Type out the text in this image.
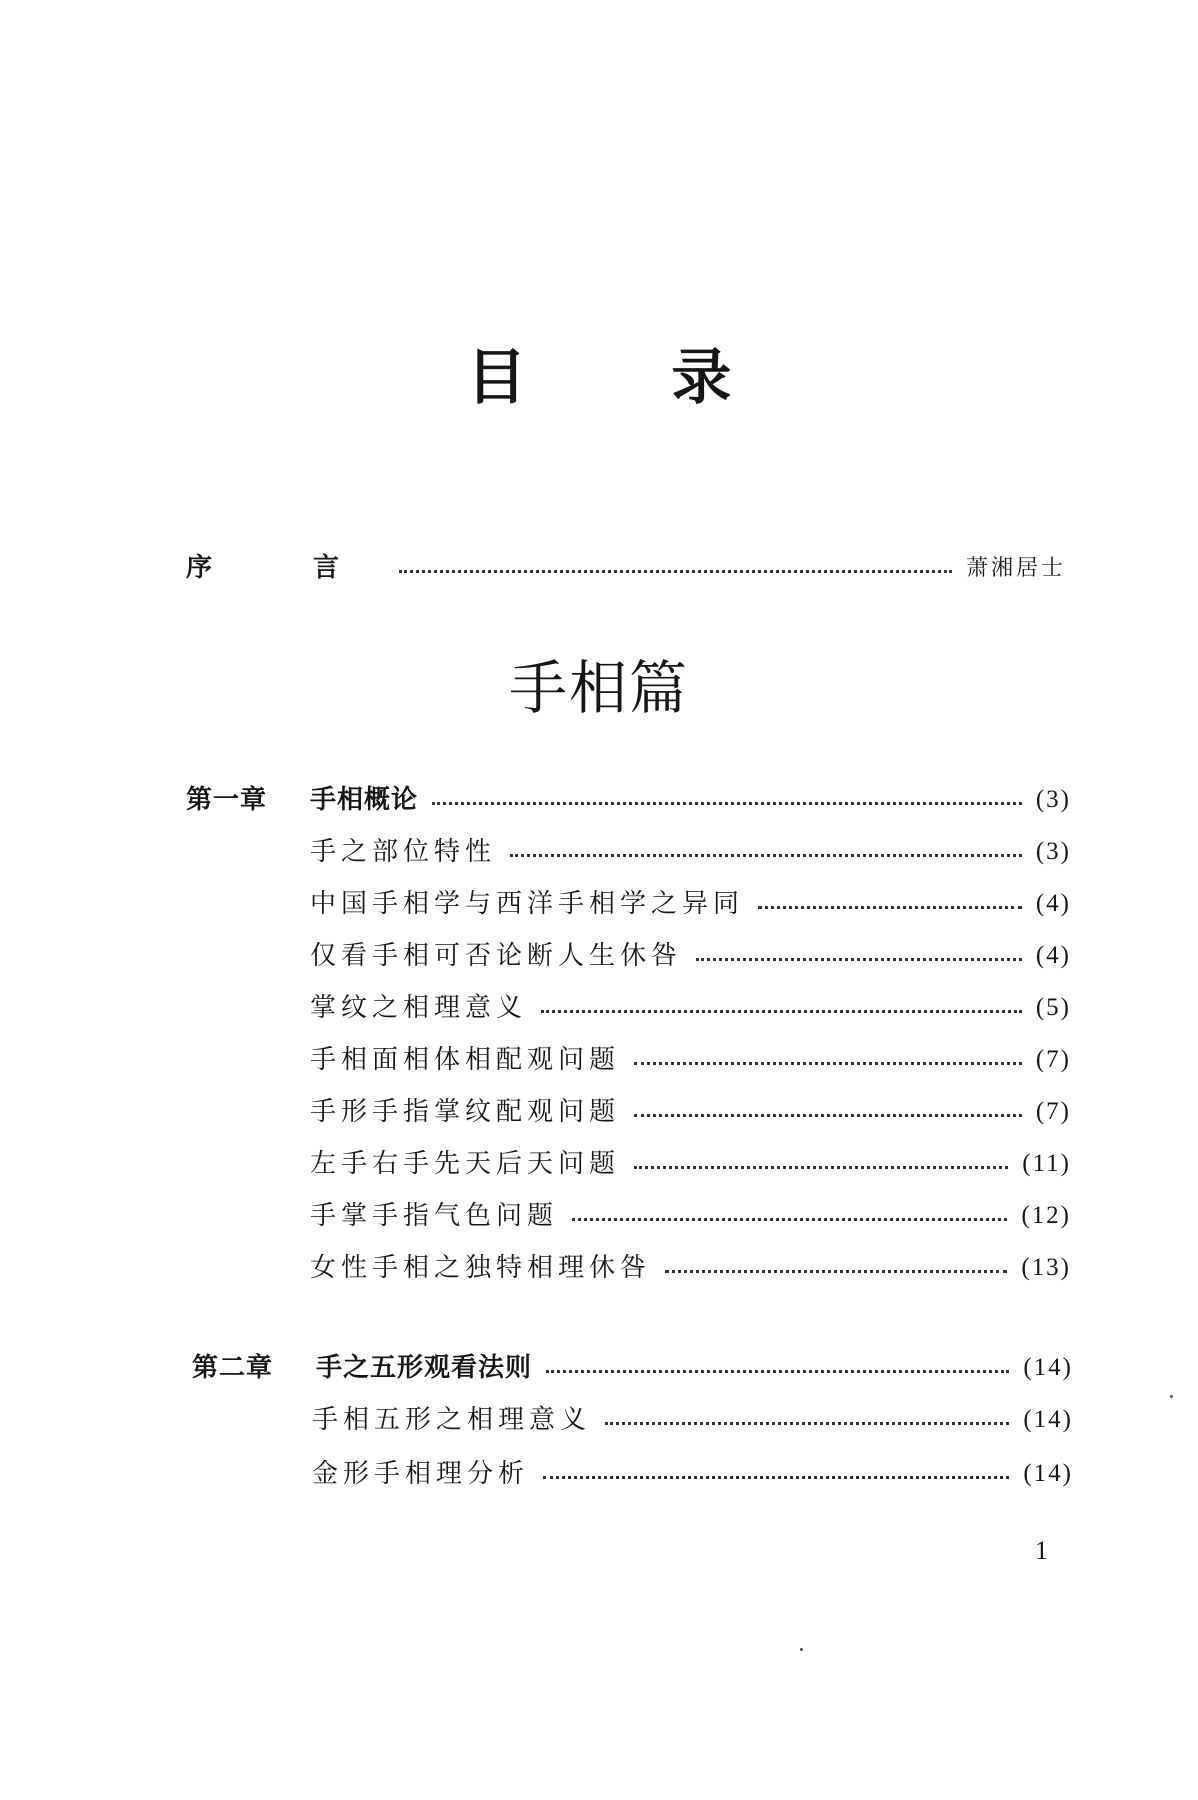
目 录
序 言	萧湘居士
手相篇
第一章	手相概论	(3)
手之部位特性	(3)
中国手相学与西洋手相学之异同	(4)
仅看手相可否论断人生休咎	(4)
掌纹之相理意义	(5)
手相面相体相配观问题	(7)
手形手指掌纹配观问题	(7)
左手右手先天后天问题	(11)
手掌手指气色问题	(12)
女性手相之独特相理休咎	(13)
第二章	手之五形观看法则	(14)
手相五形之相理意义	(14)
金形手相理分析	(14)
1
